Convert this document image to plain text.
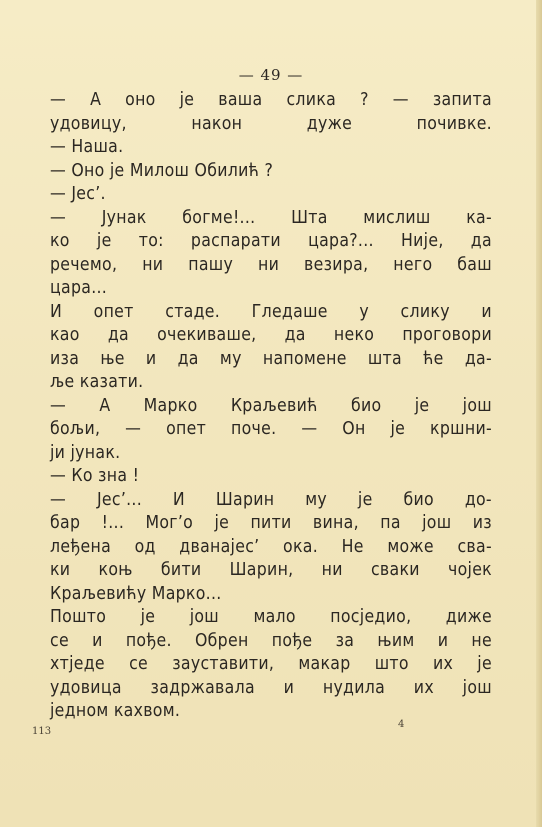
— 49 —
— А оно је ваша слика ? — запита
удовицу,	након	дуже	почивке.
— Наша.
— Оно је Милош Обилић ?
— Јес’.
— Јунак богме!... Шта мислиш ка-
ко је то: распарати цара?... Није, да
речемо, ни пашу ни везира, него баш
цара...
И опет стаде. Гледаше у слику и
као да очекиваше, да неко проговори
иза ње и да му напомене шта ће да-
ље казати.
— А Марко Краљевић био је још
бољи, — опет поче. — Он је кршни-
ји јунак.
— Ко зна !
— Јес’... И Шарин му је био до-
бар !... Мог’о је пити вина, па још из
леђена од дванајес’ ока. Не може сва-
ки коњ бити Шарин, ни сваки чојек
Краљевићу Марко...
Пошто је још мало посједио, диже
се и пође. Обрен пође за њим и не
хтједе се зауставити, макар што их је
удовица задржавала и нудила их још
једном кахвом.
113
4
